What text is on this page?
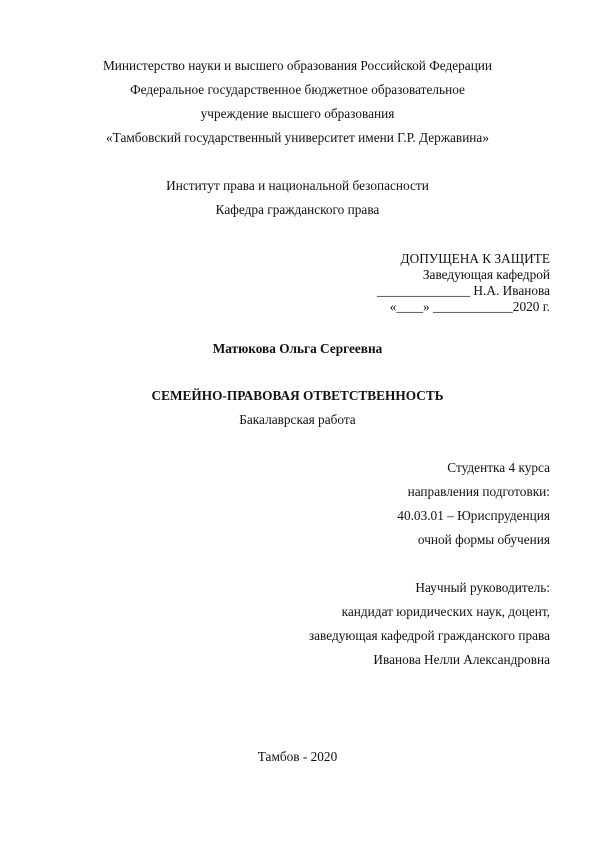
Министерство науки и высшего образования Российской Федерации
Федеральное государственное бюджетное образовательное
учреждение высшего образования
«Тамбовский государственный университет имени Г.Р. Державина»
Институт права и национальной безопасности
Кафедра гражданского права
ДОПУЩЕНА К ЗАЩИТЕ
Заведующая кафедрой
______________ Н.А. Иванова
«____» ____________2020 г.
Матюкова Ольга Сергеевна
СЕМЕЙНО-ПРАВОВАЯ ОТВЕТСТВЕННОСТЬ
Бакалаврская работа
Студентка 4 курса
направления подготовки:
40.03.01 – Юриспруденция
очной формы обучения
Научный руководитель:
кандидат юридических наук, доцент,
заведующая кафедрой гражданского права
Иванова Нелли Александровна
Тамбов - 2020
